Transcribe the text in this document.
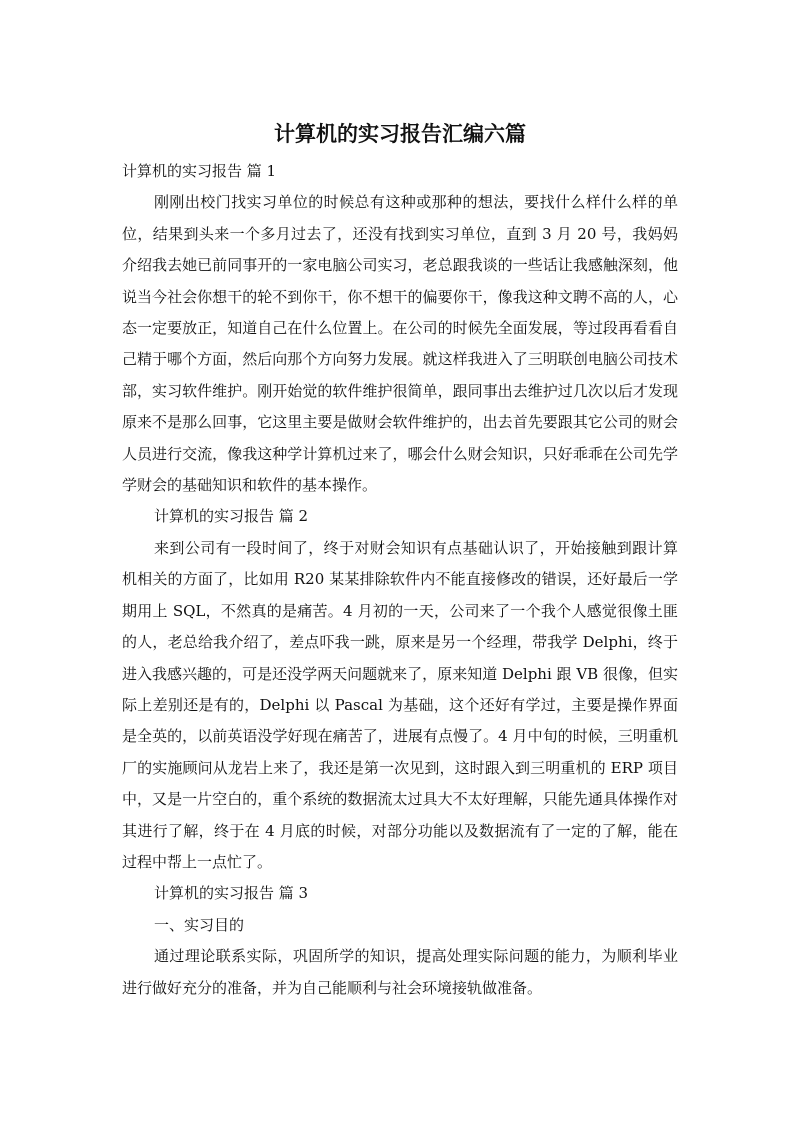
计算机的实习报告汇编六篇

计算机的实习报告 篇 1

刚刚出校门找实习单位的时候总有这种或那种的想法，要找什么样什么样的单位，结果到头来一个多月过去了，还没有找到实习单位，直到 3 月 20 号，我妈妈介绍我去她已前同事开的一家电脑公司实习，老总跟我谈的一些话让我感触深刻，他说当今社会你想干的轮不到你干，你不想干的偏要你干，像我这种文聘不高的人，心态一定要放正，知道自己在什么位置上。在公司的时候先全面发展，等过段再看看自己精于哪个方面，然后向那个方向努力发展。就这样我进入了三明联创电脑公司技术部，实习软件维护。刚开始觉的软件维护很简单，跟同事出去维护过几次以后才发现原来不是那么回事，它这里主要是做财会软件维护的，出去首先要跟其它公司的财会人员进行交流，像我这种学计算机过来了，哪会什么财会知识，只好乖乖在公司先学学财会的基础知识和软件的基本操作。

计算机的实习报告 篇 2

来到公司有一段时间了，终于对财会知识有点基础认识了，开始接触到跟计算机相关的方面了，比如用 R20 某某排除软件内不能直接修改的错误，还好最后一学期用上 SQL，不然真的是痛苦。4 月初的一天，公司来了一个我个人感觉很像土匪的人，老总给我介绍了，差点吓我一跳，原来是另一个经理，带我学 Delphi，终于进入我感兴趣的，可是还没学两天问题就来了，原来知道 Delphi 跟 VB 很像，但实际上差别还是有的，Delphi 以 Pascal 为基础，这个还好有学过，主要是操作界面是全英的，以前英语没学好现在痛苦了，进展有点慢了。4 月中旬的时候，三明重机厂的实施顾问从龙岩上来了，我还是第一次见到，这时跟入到三明重机的 ERP 项目中，又是一片空白的，重个系统的数据流太过具大不太好理解，只能先通具体操作对其进行了解，终于在 4 月底的时候，对部分功能以及数据流有了一定的了解，能在过程中帮上一点忙了。

计算机的实习报告 篇 3

一、实习目的

通过理论联系实际，巩固所学的知识，提高处理实际问题的能力，为顺利毕业进行做好充分的准备，并为自己能顺利与社会环境接轨做准备。
